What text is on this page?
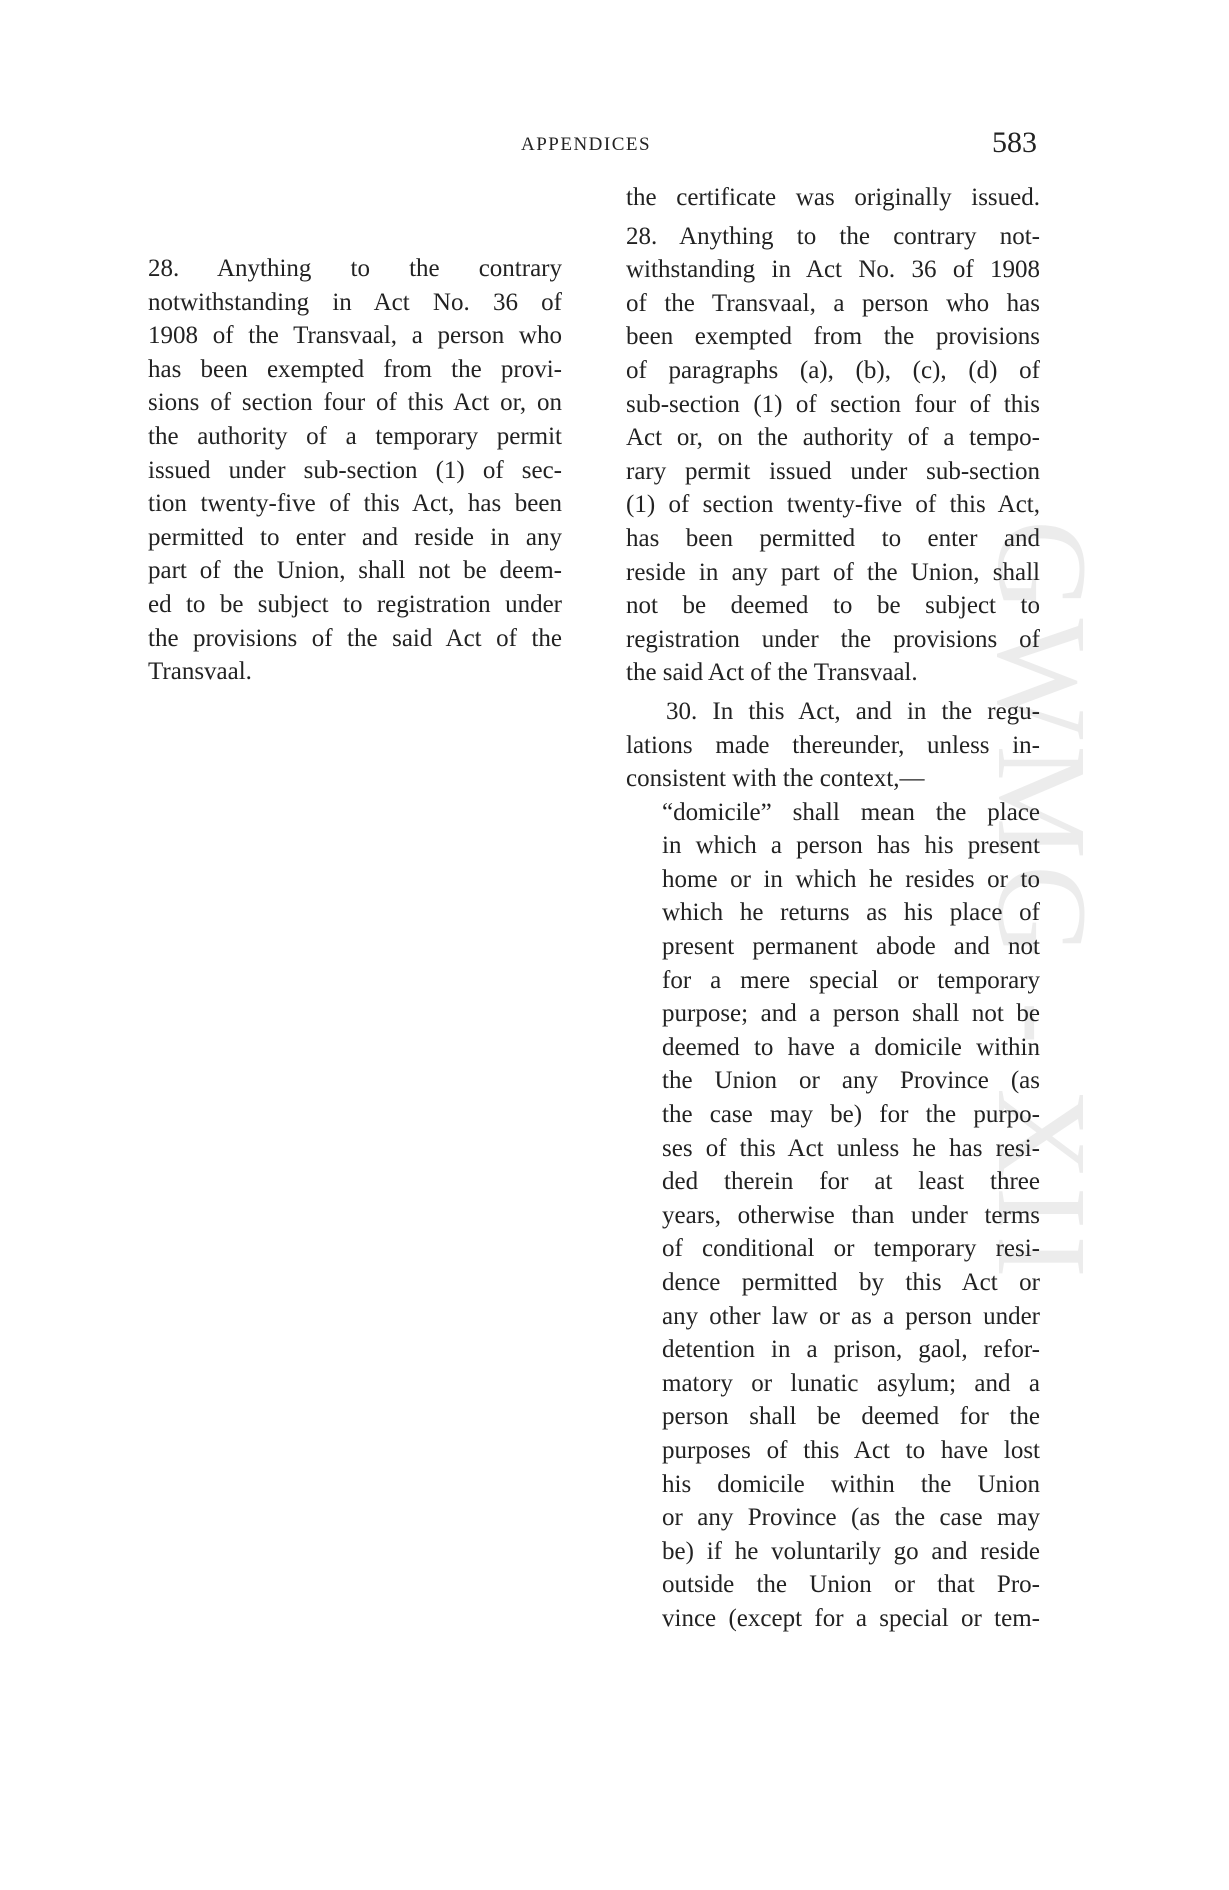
APPENDICES	583
GWMG - XII
28. Anything to the contrary
notwithstanding in Act No. 36 of
1908 of the Transvaal, a person who
has been exempted from the provi-
sions of section four of this Act or, on
the authority of a temporary permit
issued under sub-section (1) of sec-
tion twenty-five of this Act, has been
permitted to enter and reside in any
part of the Union, shall not be deem-
ed to be subject to registration under
the provisions of the said Act of the
Transvaal.
the certificate was originally issued.
28. Anything to the contrary not-
withstanding in Act No. 36 of 1908
of the Transvaal, a person who has
been exempted from the provisions
of paragraphs (a), (b), (c), (d) of
sub-section (1) of section four of this
Act or, on the authority of a tempo-
rary permit issued under sub-section
(1) of section twenty-five of this Act,
has been permitted to enter and
reside in any part of the Union, shall
not be deemed to be subject to
registration under the provisions of
the said Act of the Transvaal.
30. In this Act, and in the regu-
lations made thereunder, unless in-
consistent with the context,—
“domicile” shall mean the place
in which a person has his present
home or in which he resides or to
which he returns as his place of
present permanent abode and not
for a mere special or temporary
purpose; and a person shall not be
deemed to have a domicile within
the Union or any Province (as
the case may be) for the purpo-
ses of this Act unless he has resi-
ded therein for at least three
years, otherwise than under terms
of conditional or temporary resi-
dence permitted by this Act or
any other law or as a person under
detention in a prison, gaol, refor-
matory or lunatic asylum; and a
person shall be deemed for the
purposes of this Act to have lost
his domicile within the Union
or any Province (as the case may
be) if he voluntarily go and reside
outside the Union or that Pro-
vince (except for a special or tem-
